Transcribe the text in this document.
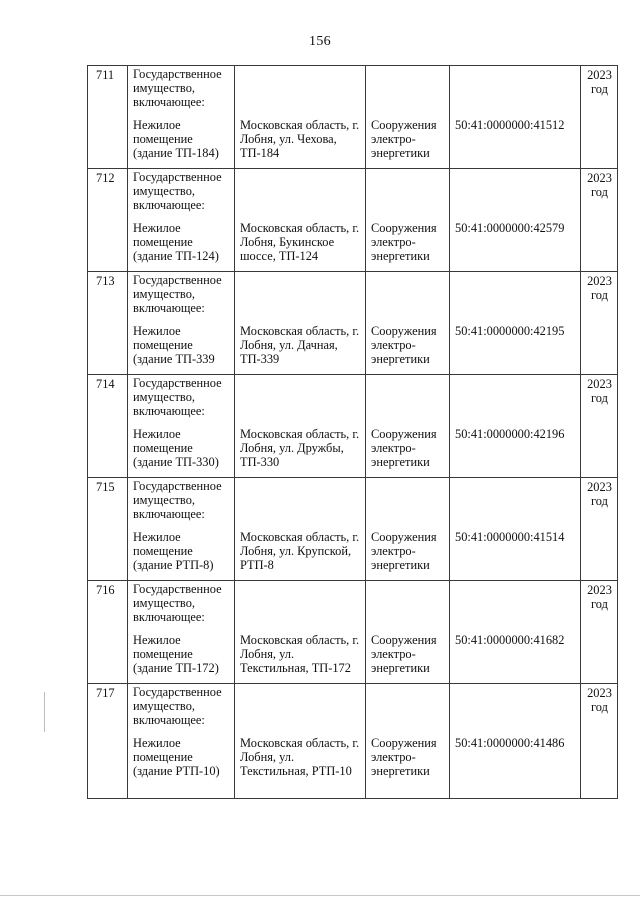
156
711	Государственное имущество, включающее:
Нежилое помещение (здание ТП-184)	Московская область, г. Лобня, ул. Чехова, ТП-184	Сооружения электро-энергетики	50:41:0000000:41512	2023
год

712	Государственное имущество, включающее:
Нежилое помещение (здание ТП-124)	Московская область, г. Лобня, Букинское шоссе, ТП-124	Сооружения электро-энергетики	50:41:0000000:42579	2023
год

713	Государственное имущество, включающее:
Нежилое помещение (здание ТП-339	Московская область, г. Лобня, ул. Дачная, ТП-339	Сооружения электро-энергетики	50:41:0000000:42195	2023
год

714	Государственное имущество, включающее:
Нежилое помещение (здание ТП-330)	Московская область, г. Лобня, ул. Дружбы, ТП-330	Сооружения электро-энергетики	50:41:0000000:42196	2023
год

715	Государственное имущество, включающее:
Нежилое помещение (здание РТП-8)	Московская область, г. Лобня, ул. Крупской, РТП-8	Сооружения электро-энергетики	50:41:0000000:41514	2023
год

716	Государственное имущество, включающее:
Нежилое помещение (здание ТП-172)	Московская область, г. Лобня, ул. Текстильная, ТП-172	Сооружения электро-энергетики	50:41:0000000:41682	2023
год

717	Государственное имущество, включающее:
Нежилое помещение (здание РТП-10)	Московская область, г. Лобня, ул. Текстильная, РТП-10	Сооружения электро-энергетики	50:41:0000000:41486	2023
год
